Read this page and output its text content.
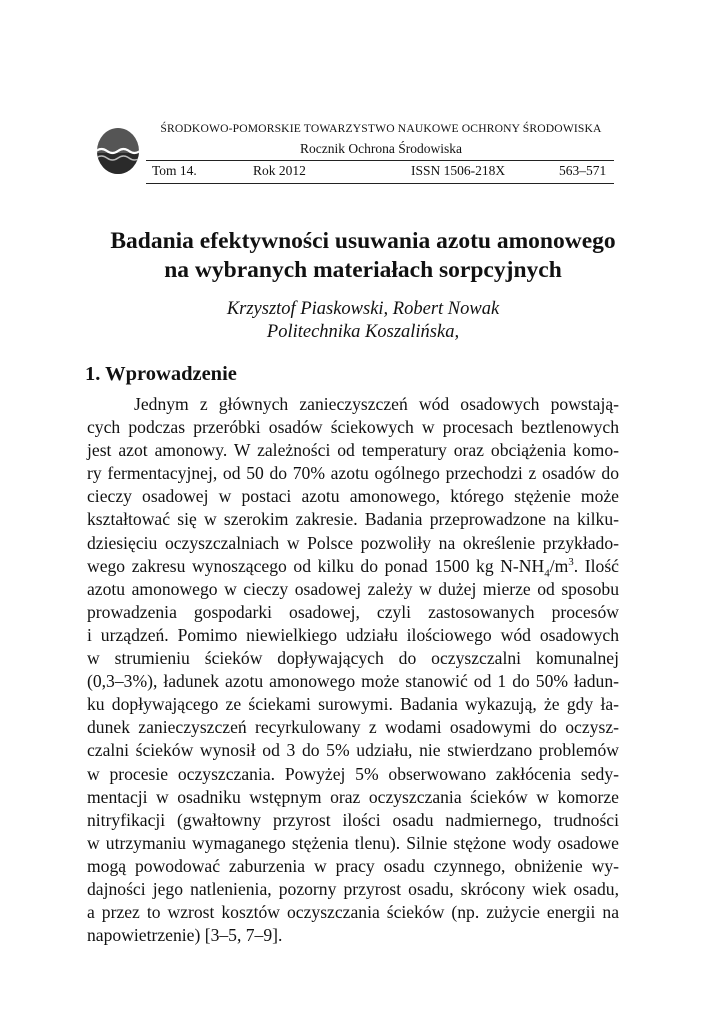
ŚRODKOWO-POMORSKIE TOWARZYSTWO NAUKOWE OCHRONY ŚRODOWISKA
Rocznik Ochrona Środowiska
Tom 14.	Rok 2012	ISSN 1506-218X	563–571
Badania efektywności usuwania azotu amonowego
na wybranych materiałach sorpcyjnych
Krzysztof Piaskowski, Robert Nowak
Politechnika Koszalińska,
1. Wprowadzenie
Jednym z głównych zanieczyszczeń wód osadowych powstają-
cych podczas przeróbki osadów ściekowych w procesach beztlenowych
jest azot amonowy. W zależności od temperatury oraz obciążenia komo-
ry fermentacyjnej, od 50 do 70% azotu ogólnego przechodzi z osadów do
cieczy osadowej w postaci azotu amonowego, którego stężenie może
kształtować się w szerokim zakresie. Badania przeprowadzone na kilku-
dziesięciu oczyszczalniach w Polsce pozwoliły na określenie przykłado-
wego zakresu wynoszącego od kilku do ponad 1500 kg $N-NH_4/m^3$. Ilość
azotu amonowego w cieczy osadowej zależy w dużej mierze od sposobu
prowadzenia gospodarki osadowej, czyli zastosowanych procesów
i urządzeń. Pomimo niewielkiego udziału ilościowego wód osadowych
w strumieniu ścieków dopływających do oczyszczalni komunalnej
(0,3–3%), ładunek azotu amonowego może stanowić od 1 do 50% ładun-
ku dopływającego ze ściekami surowymi. Badania wykazują, że gdy ła-
dunek zanieczyszczeń recyrkulowany z wodami osadowymi do oczysz-
czalni ścieków wynosił od 3 do 5% udziału, nie stwierdzano problemów
w procesie oczyszczania. Powyżej 5% obserwowano zakłócenia sedy-
mentacji w osadniku wstępnym oraz oczyszczania ścieków w komorze
nitryfikacji (gwałtowny przyrost ilości osadu nadmiernego, trudności
w utrzymaniu wymaganego stężenia tlenu). Silnie stężone wody osadowe
mogą powodować zaburzenia w pracy osadu czynnego, obniżenie wy-
dajności jego natlenienia, pozorny przyrost osadu, skrócony wiek osadu,
a przez to wzrost kosztów oczyszczania ścieków (np. zużycie energii na
napowietrzenie) [3–5, 7–9].
